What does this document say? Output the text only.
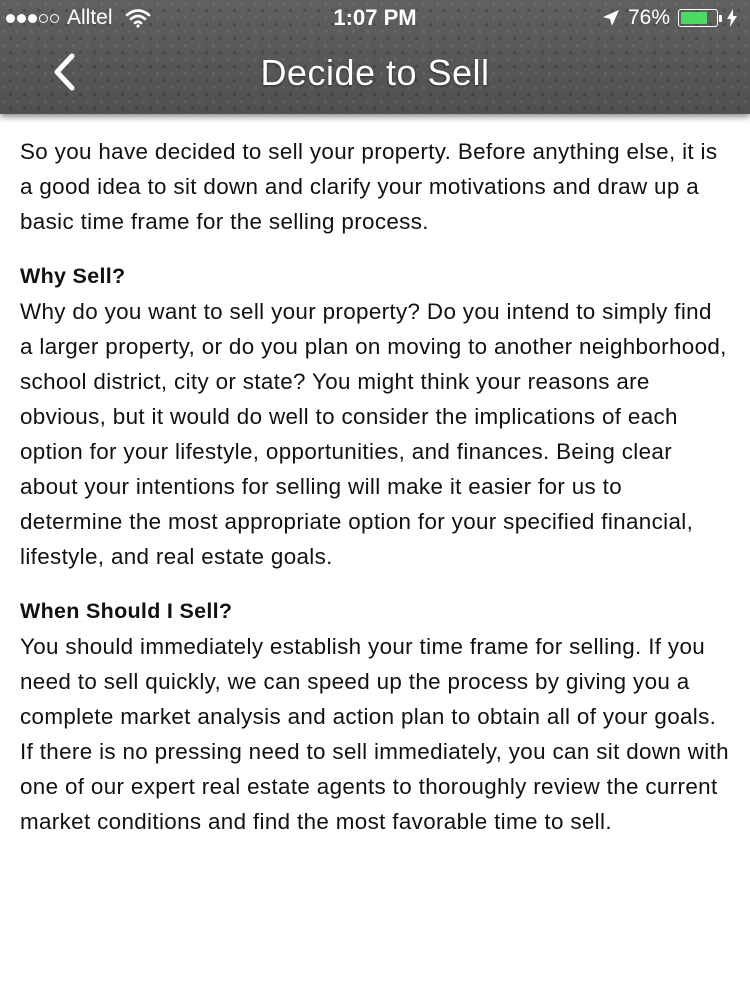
Alltel	1:07 PM	76%
Decide to Sell

So you have decided to sell your property. Before anything else, it is a good idea to sit down and clarify your motivations and draw up a basic time frame for the selling process.

Why Sell?

Why do you want to sell your property? Do you intend to simply find a larger property, or do you plan on moving to another neighborhood, school district, city or state? You might think your reasons are obvious, but it would do well to consider the implications of each option for your lifestyle, opportunities, and finances. Being clear about your intentions for selling will make it easier for us to determine the most appropriate option for your specified financial, lifestyle, and real estate goals.

When Should I Sell?

You should immediately establish your time frame for selling. If you need to sell quickly, we can speed up the process by giving you a complete market analysis and action plan to obtain all of your goals. If there is no pressing need to sell immediately, you can sit down with one of our expert real estate agents to thoroughly review the current market conditions and find the most favorable time to sell.
